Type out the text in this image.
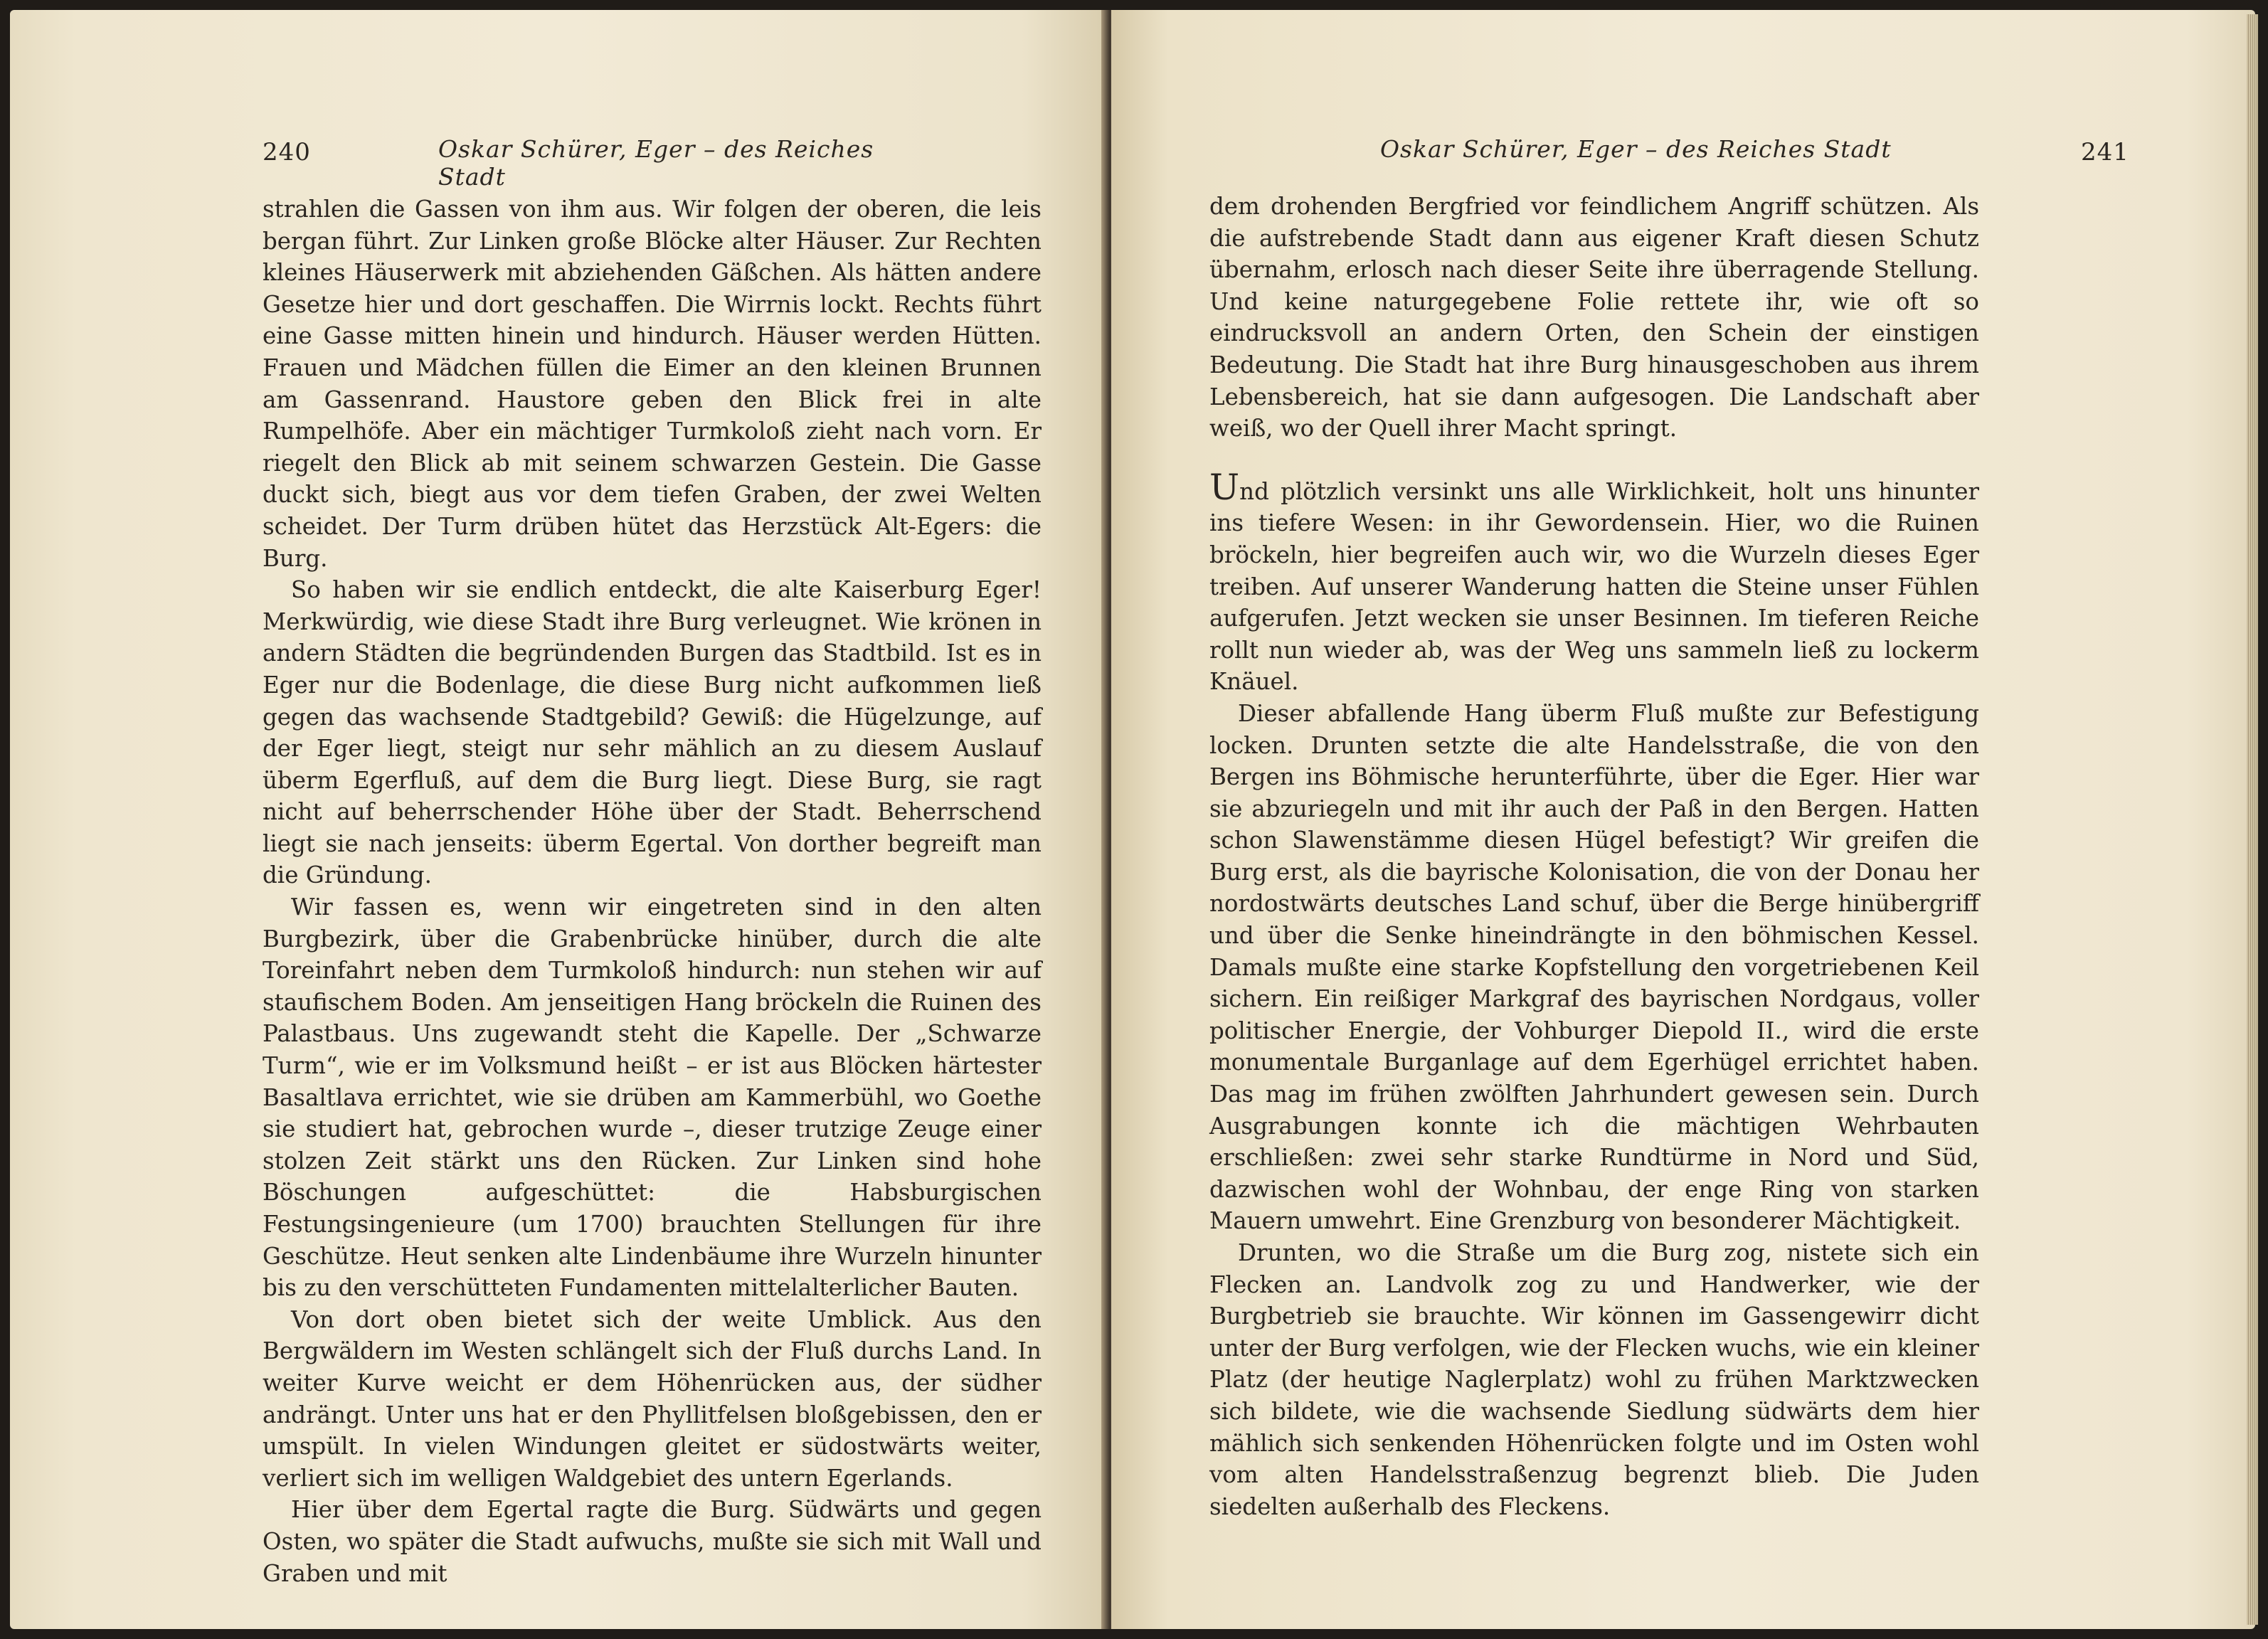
240	Oskar Schürer, Eger – des Reiches Stadt

strahlen die Gassen von ihm aus. Wir folgen der oberen, die leis bergan führt. Zur Linken große Blöcke alter Häuser. Zur Rechten kleines Häuserwerk mit abziehenden Gäßchen. Als hätten andere Gesetze hier und dort geschaffen. Die Wirrnis lockt. Rechts führt eine Gasse mitten hinein und hindurch. Häuser werden Hütten. Frauen und Mädchen füllen die Eimer an den kleinen Brunnen am Gassenrand. Haustore geben den Blick frei in alte Rumpelhöfe. Aber ein mächtiger Turmkoloß zieht nach vorn. Er riegelt den Blick ab mit seinem schwarzen Gestein. Die Gasse duckt sich, biegt aus vor dem tiefen Graben, der zwei Welten scheidet. Der Turm drüben hütet das Herzstück Alt-Egers: die Burg.

So haben wir sie endlich entdeckt, die alte Kaiserburg Eger! Merkwürdig, wie diese Stadt ihre Burg verleugnet. Wie krönen in andern Städten die begründenden Burgen das Stadtbild. Ist es in Eger nur die Bodenlage, die diese Burg nicht aufkommen ließ gegen das wachsende Stadtgebild? Gewiß: die Hügelzunge, auf der Eger liegt, steigt nur sehr mählich an zu diesem Auslauf überm Egerfluß, auf dem die Burg liegt. Diese Burg, sie ragt nicht auf beherrschender Höhe über der Stadt. Beherrschend liegt sie nach jenseits: überm Egertal. Von dorther begreift man die Gründung.

Wir fassen es, wenn wir eingetreten sind in den alten Burgbezirk, über die Grabenbrücke hinüber, durch die alte Toreinfahrt neben dem Turmkoloß hindurch: nun stehen wir auf staufischem Boden. Am jenseitigen Hang bröckeln die Ruinen des Palastbaus. Uns zugewandt steht die Kapelle. Der „Schwarze Turm“, wie er im Volksmund heißt – er ist aus Blöcken härtester Basaltlava errichtet, wie sie drüben am Kammerbühl, wo Goethe sie studiert hat, gebrochen wurde –, dieser trutzige Zeuge einer stolzen Zeit stärkt uns den Rücken. Zur Linken sind hohe Böschungen aufgeschüttet: die Habsburgischen Festungsingenieure (um 1700) brauchten Stellungen für ihre Geschütze. Heut senken alte Lindenbäume ihre Wurzeln hinunter bis zu den verschütteten Fundamenten mittelalterlicher Bauten.

Von dort oben bietet sich der weite Umblick. Aus den Bergwäldern im Westen schlängelt sich der Fluß durchs Land. In weiter Kurve weicht er dem Höhenrücken aus, der südher andrängt. Unter uns hat er den Phyllitfelsen bloßgebissen, den er umspült. In vielen Windungen gleitet er südostwärts weiter, verliert sich im welligen Waldgebiet des untern Egerlands.

Hier über dem Egertal ragte die Burg. Südwärts und gegen Osten, wo später die Stadt aufwuchs, mußte sie sich mit Wall und Graben und mit

Oskar Schürer, Eger – des Reiches Stadt	241

dem drohenden Bergfried vor feindlichem Angriff schützen. Als die aufstrebende Stadt dann aus eigener Kraft diesen Schutz übernahm, erlosch nach dieser Seite ihre überragende Stellung. Und keine naturgegebene Folie rettete ihr, wie oft so eindrucksvoll an andern Orten, den Schein der einstigen Bedeutung. Die Stadt hat ihre Burg hinausgeschoben aus ihrem Lebensbereich, hat sie dann aufgesogen. Die Landschaft aber weiß, wo der Quell ihrer Macht springt.

Und plötzlich versinkt uns alle Wirklichkeit, holt uns hinunter ins tiefere Wesen: in ihr Gewordensein. Hier, wo die Ruinen bröckeln, hier begreifen auch wir, wo die Wurzeln dieses Eger treiben. Auf unserer Wanderung hatten die Steine unser Fühlen aufgerufen. Jetzt wecken sie unser Besinnen. Im tieferen Reiche rollt nun wieder ab, was der Weg uns sammeln ließ zu lockerm Knäuel.

Dieser abfallende Hang überm Fluß mußte zur Befestigung locken. Drunten setzte die alte Handelsstraße, die von den Bergen ins Böhmische herunterführte, über die Eger. Hier war sie abzuriegeln und mit ihr auch der Paß in den Bergen. Hatten schon Slawenstämme diesen Hügel befestigt? Wir greifen die Burg erst, als die bayrische Kolonisation, die von der Donau her nordostwärts deutsches Land schuf, über die Berge hinübergriff und über die Senke hineindrängte in den böhmischen Kessel. Damals mußte eine starke Kopfstellung den vorgetriebenen Keil sichern. Ein reißiger Markgraf des bayrischen Nordgaus, voller politischer Energie, der Vohburger Diepold II., wird die erste monumentale Burganlage auf dem Egerhügel errichtet haben. Das mag im frühen zwölften Jahrhundert gewesen sein. Durch Ausgrabungen konnte ich die mächtigen Wehrbauten erschließen: zwei sehr starke Rundtürme in Nord und Süd, dazwischen wohl der Wohnbau, der enge Ring von starken Mauern umwehrt. Eine Grenzburg von besonderer Mächtigkeit.

Drunten, wo die Straße um die Burg zog, nistete sich ein Flecken an. Landvolk zog zu und Handwerker, wie der Burgbetrieb sie brauchte. Wir können im Gassengewirr dicht unter der Burg verfolgen, wie der Flecken wuchs, wie ein kleiner Platz (der heutige Naglerplatz) wohl zu frühen Marktzwecken sich bildete, wie die wachsende Siedlung südwärts dem hier mählich sich senkenden Höhenrücken folgte und im Osten wohl vom alten Handelsstraßenzug begrenzt blieb. Die Juden siedelten außerhalb des Fleckens.
